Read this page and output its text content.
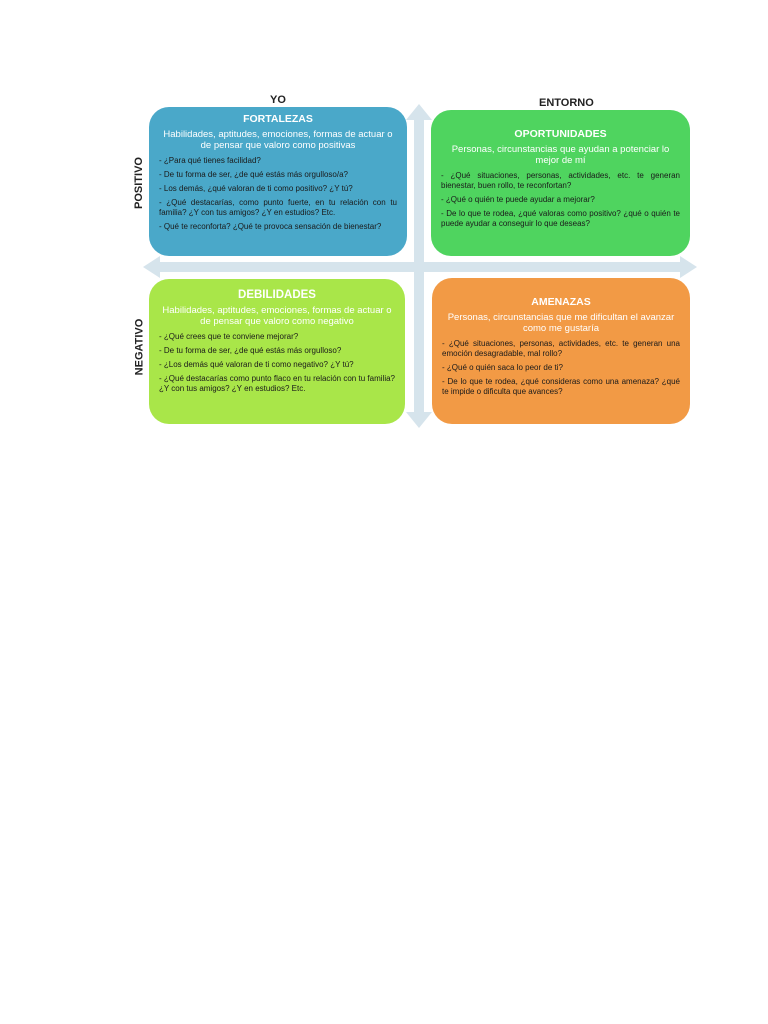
YO	ENTORNO
POSITIVO
NEGATIVO
FORTALEZAS
Habilidades, aptitudes, emociones, formas de actuar o de pensar que valoro como positivas
- ¿Para qué tienes facilidad?
- De tu forma de ser, ¿de qué estás más orgulloso/a?
- Los demás, ¿qué valoran de ti como positivo? ¿Y tú?
- ¿Qué destacarías, como punto fuerte, en tu relación con tu familia? ¿Y con tus amigos? ¿Y en estudios? Etc.
- Qué te reconforta? ¿Qué te provoca sensación de bienestar?
OPORTUNIDADES
Personas, circunstancias que ayudan a potenciar lo mejor de mí
- ¿Qué situaciones, personas, actividades, etc. te generan bienestar, buen rollo, te reconfortan?
- ¿Qué o quién te puede ayudar a mejorar?
- De lo que te rodea, ¿qué valoras como positivo? ¿qué o quién te puede ayudar a conseguir lo que deseas?
DEBILIDADES
Habilidades, aptitudes, emociones, formas de actuar o de pensar que valoro como negativo
- ¿Qué crees que te conviene mejorar?
- De tu forma de ser, ¿de qué estás más orgulloso?
- ¿Los demás qué valoran de ti como negativo? ¿Y tú?
- ¿Qué destacarías como punto flaco en tu relación con tu familia? ¿Y con tus amigos? ¿Y en estudios? Etc.
AMENAZAS
Personas, circunstancias que me dificultan el avanzar como me gustaría
- ¿Qué situaciones, personas, actividades, etc. te generan una emoción desagradable, mal rollo?
- ¿Qué o quién saca lo peor de ti?
- De lo que te rodea, ¿qué consideras como una amenaza? ¿qué te impide o dificulta que avances?
